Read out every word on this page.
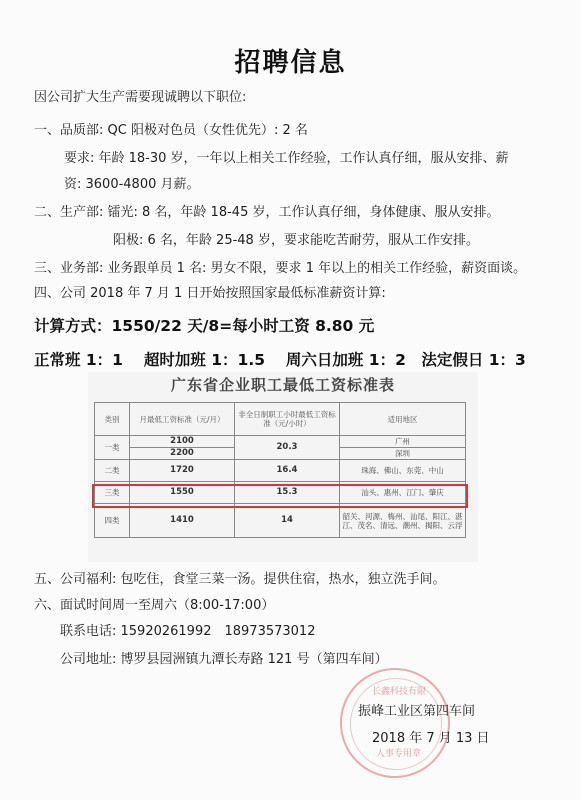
招聘信息
因公司扩大生产需要现诚聘以下职位:
一、品质部: QC 阳极对色员（女性优先）: 2 名
要求: 年龄 18-30 岁，一年以上相关工作经验，工作认真仔细，服从安排、薪
资: 3600-4800 月薪。
二、生产部: 镭光: 8 名，年龄 18-45 岁，工作认真仔细，身体健康、服从安排。
阳极: 6 名，年龄 25-48 岁，要求能吃苦耐劳，服从工作安排。
三、业务部: 业务跟单员 1 名: 男女不限，要求 1 年以上的相关工作经验，薪资面谈。
四、公司 2018 年 7 月 1 日开始按照国家最低标准薪资计算:
计算方式：1550/22 天/8=每小时工资 8.80 元
正常班 1：1　 超时加班 1：1.5　 周六日加班 1：2　法定假日 1：3
广东省企业职工最低工资标准表
类别	月最低工资标准（元/月）	非全日制职工小时最低工资标准（元/小时）	适用地区
一类	2100	20.3	广州
	2200		深圳
二类	1720	16.4	珠海、佛山、东莞、中山
三类	1550	15.3	汕头、惠州、江门、肇庆
四类	1410	14	韶关、河源、梅州、汕尾、阳江、湛江、茂名、清远、潮州、揭阳、云浮
五、公司福利: 包吃住，食堂三菜一汤。提供住宿，热水，独立洗手间。
六、面试时间周一至周六（8:00-17:00）
联系电话: 15920261992　18973573012
公司地址: 博罗县园洲镇九潭长寿路 121 号（第四车间）
长鑫科技有限
人事专用章
振峰工业区第四车间
2018 年 7 月 13 日
